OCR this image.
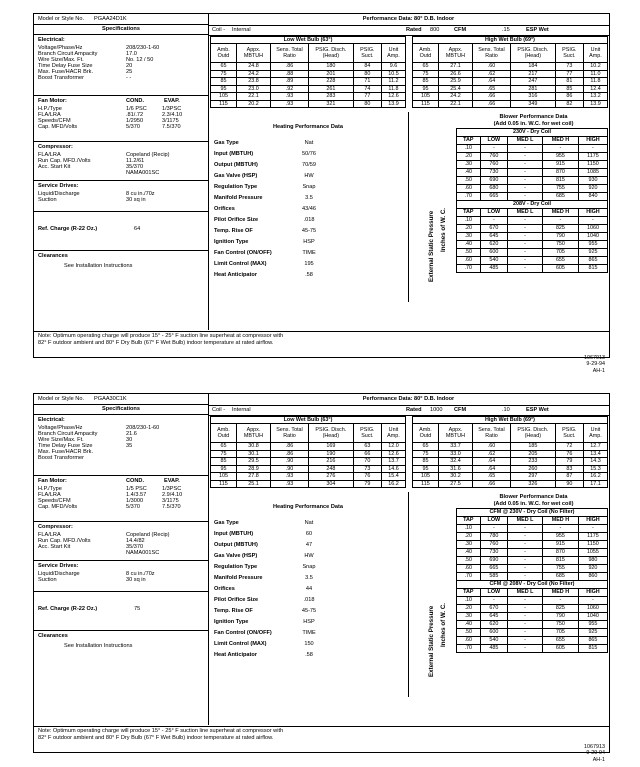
Model or Style No. PGAA24D1K
Specifications
Electrical:
Voltage/Phase/Hz	208/230-1-60
Branch Circuit Ampacity	17.0
Wire Size/Max. Ft.	No. 12 / 50
Time Delay Fuse Size	20
Max. Fuse/HACR Brk.	25
Boost Transformer	- -
Fan Motor:	COND.	EVAP.
H.P./Type	1/6 PSC	1/3PSC
FLA/LRA	.81/.72	2.3/4.10
Speeds/CFM	1/2950	3/1175
Cap. MFD/Volts	5/370	7.5/370
Compressor:
FLA/LRA	Copeland (Recip)
Run Cap. MFD./Volts	11.2/61
Acc. Start Kit	35/370
NAMA001SC
Service Drives:
Liquid/Discharge	8 cu in./70z
Suction	30 sq in
Ref. Charge (R-22 Oz.)	64
Clearances
See Installation Instructions
Performance Data: 80° D.B. Indoor
Coil - Internal	Rated 800	CFM	.15	ESP Wet
Low Wet Bulb (63°)					
Amb. Outd	Appx. MBTUH	Sens. Total Ratio	PSIG. Disch. (Head)	PSIG. Suct.	Unit Amp.
65	24.8	.86	180	84	9.6
75	24.2	.88	201	80	10.5
85	23.8	.89	228	71	11.2
95	23.0	.92	261	74	11.8
105	22.1	.93	283	77	12.6
115	20.2	.93	321	80	13.9
High Wet Bulb (69°)					
Amb. Outd	Appx. MBTUH	Sens. Total Ratio	PSIG. Disch. (Head)	PSIG. Suct.	Unit Amp.
65	27.1	.60	184	73	10.2
75	26.6	.62	217	77	11.0
85	25.9	.64	247	81	11.8
95	25.4	.65	281	85	12.4
105	24.2	.66	316	86	13.2
115	22.1	.66	349	82	13.9
Heating Performance Data
Gas Type	Nat
Input (MBTUH)	50/76
Output (MBTUH)	70/59
Gas Valve (HSP)	HW
Regulation Type	Snap
Manifold Pressure	3.5
Orifices	43/46
Pilot Orifice Size	.018
Temp. Rise OF	45-75
Ignition Type	HSP
Fan Control (ON/OFF)	TIME
Limit Control (MAX)	195
Heat Anticipator	.58
Blower Performance Data
(Add 0.05 in. W.C. for wet coil)
230V - Dry Coil				
TAP	LOW	MED L	MED H	HIGH
.10	-	-	-	-
.20	760	-	955	1175
.30	760	-	915	1150
.40	730	-	870	1085
.50	690	-	815	930
.60	680	-	755	920
.70	665	-	685	840
208V - Dry Coil				
TAP	LOW	MED L	MED H	HIGH
.10	-	-	-	-
.20	670	-	825	1060
.30	645	-	790	1040
.40	620	-	750	955
.50	600	-	705	925
.60	540	-	655	865
.70	485	-	605	815
External Static Pressure Inches of W. C.
Note: Optimum operating charge will produce 15° - 25° F suction line superheat at compressor with
82° F outdoor ambient and 80° F Dry Bulb (67° F Wet Bulb) indoor temperature at rated airflow.
1067913
9-29-94
AH-1
Model or Style No. PGAA30C1K
Specifications
Electrical:
Voltage/Phase/Hz	208/230-1-60
Branch Circuit Ampacity	21.6
Wire Size/Max. Ft.	30
Time Delay Fuse Size	35
Max. Fuse/HACR Brk.
Boost Transformer
Fan Motor:	COND.	EVAP.
H.P./Type	1/5 PSC	1/3PSC
FLA/LRA	1.4/3.57	2.9/4.10
Speeds/CFM	1/3000	3/1175
Cap. MFD/Volts	5/370	7.5/370
Compressor:
FLA/LRA	Copeland (Recip)
Run Cap. MFD./Volts	14.4/82
Acc. Start Kit	35/370
NAMA001SC
Service Drives:
Liquid/Discharge	8 cu in./70z
Suction	30 sq in
Ref. Charge (R-22 Oz.)	75
Clearances
See Installation Instructions
Performance Data: 80° D.B. Indoor
Coil - Internal	Rated 1000 CFM	.10	ESP Wet
Low Wet Bulb (63°)					
Amb. Outd	Appx. MBTUH	Sens. Total Ratio	PSIG. Disch. (Head)	PSIG. Suct.	Unit Amp.
65	30.8	.86	169	63	12.0
75	30.1	.86	190	66	12.6
85	29.5	.90	216	70	13.7
95	28.9	.90	248	73	14.6
105	27.8	.93	276	76	15.4
115	25.1	.93	304	79	16.2
High Wet Bulb (69°)					
Amb. Outd	Appx. MBTUH	Sens. Total Ratio	PSIG. Disch. (Head)	PSIG. Suct.	Unit Amp.
65	33.7	.60	185	72	12.7
75	33.0	.62	205	76	13.4
85	32.4	.64	233	79	14.3
95	31.6	.64	260	83	15.3
105	30.2	.65	297	87	16.2
115	27.5	.66	326	90	17.1
Heating Performance Data
Gas Type	Nat
Input (MBTUH)	60
Output (MBTUH)	47
Gas Valve (HSP)	HW
Regulation Type	Snap
Manifold Pressure	3.5
Orifices	44
Pilot Orifice Size	.018
Temp. Rise OF	45-75
Ignition Type	HSP
Fan Control (ON/OFF)	TIME
Limit Control (MAX)	150
Heat Anticipator	.58
Blower Performance Data
(Add 0.05 in. W.C. for wet coil)
CFM @ 230V - Dry Coil (No Filter)				
TAP	LOW	MED L	MED H	HIGH
.10	-	-	-	-
.20	780	-	955	1175
.30	760	-	915	1150
.40	730	-	870	1055
.50	690	-	815	980
.60	665	-	755	920
.70	585	-	685	860
CFM @ 208V - Dry Coil (No Filter)				
TAP	LOW	MED L	MED H	HIGH
.10	-	-	-	-
.20	670	-	825	1060
.30	645	-	790	1040
.40	620	-	750	955
.50	600	-	705	925
.60	540	-	655	865
.70	485	-	605	815
External Static Pressure Inches of W. C.
Note: Optimum operating charge will produce 15° - 25° F suction line superheat at compressor with
82° F outdoor ambient and 80° F Dry Bulb (67° F Wet Bulb) indoor temperature at rated airflow.
1067913
9-29-94
AH-1
